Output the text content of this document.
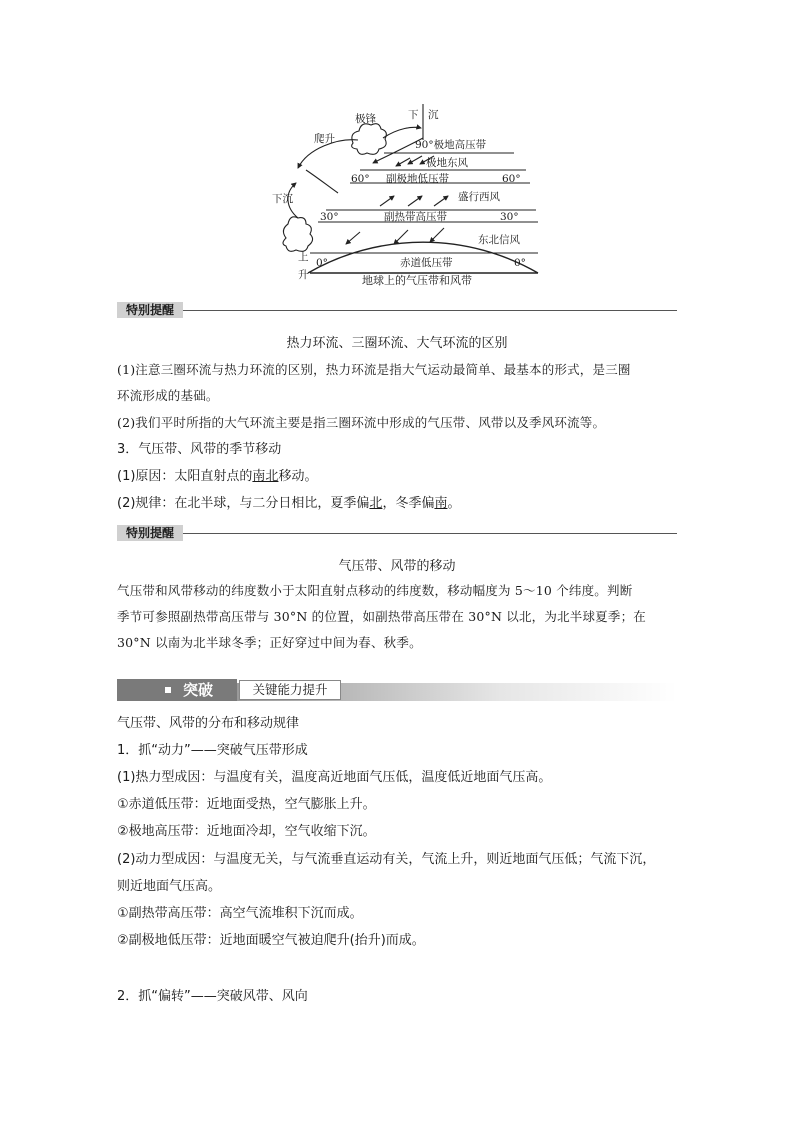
极锋
爬升
下 沉
90°极地高压带
极地东风
60° 副极地低压带	60°
盛行西风
下沉
30°	副热带高压带	30°
东北信风
上
升
0°	赤道低压带	0°
地球上的气压带和风带
特别提醒
热力环流、三圈环流、大气环流的区别
(1)注意三圈环流与热力环流的区别，热力环流是指大气运动最简单、最基本的形式，是三圈
环流形成的基础。
(2)我们平时所指的大气环流主要是指三圈环流中形成的气压带、风带以及季风环流等。
3．气压带、风带的季节移动
(1)原因：太阳直射点的南北移动。
(2)规律：在北半球，与二分日相比，夏季偏北，冬季偏南。
特别提醒
气压带、风带的移动
气压带和风带移动的纬度数小于太阳直射点移动的纬度数，移动幅度为 5～10 个纬度。判断
季节可参照副热带高压带与 30°N 的位置，如副热带高压带在 30°N 以北，为北半球夏季；在
30°N 以南为北半球冬季；正好穿过中间为春、秋季。
突破	关键能力提升
气压带、风带的分布和移动规律
1．抓“动力”——突破气压带形成
(1)热力型成因：与温度有关，温度高近地面气压低，温度低近地面气压高。
①赤道低压带：近地面受热，空气膨胀上升。
②极地高压带：近地面冷却，空气收缩下沉。
(2)动力型成因：与温度无关，与气流垂直运动有关，气流上升，则近地面气压低；气流下沉，
则近地面气压高。
①副热带高压带：高空气流堆积下沉而成。
②副极地低压带：近地面暖空气被迫爬升(抬升)而成。
2．抓“偏转”——突破风带、风向
